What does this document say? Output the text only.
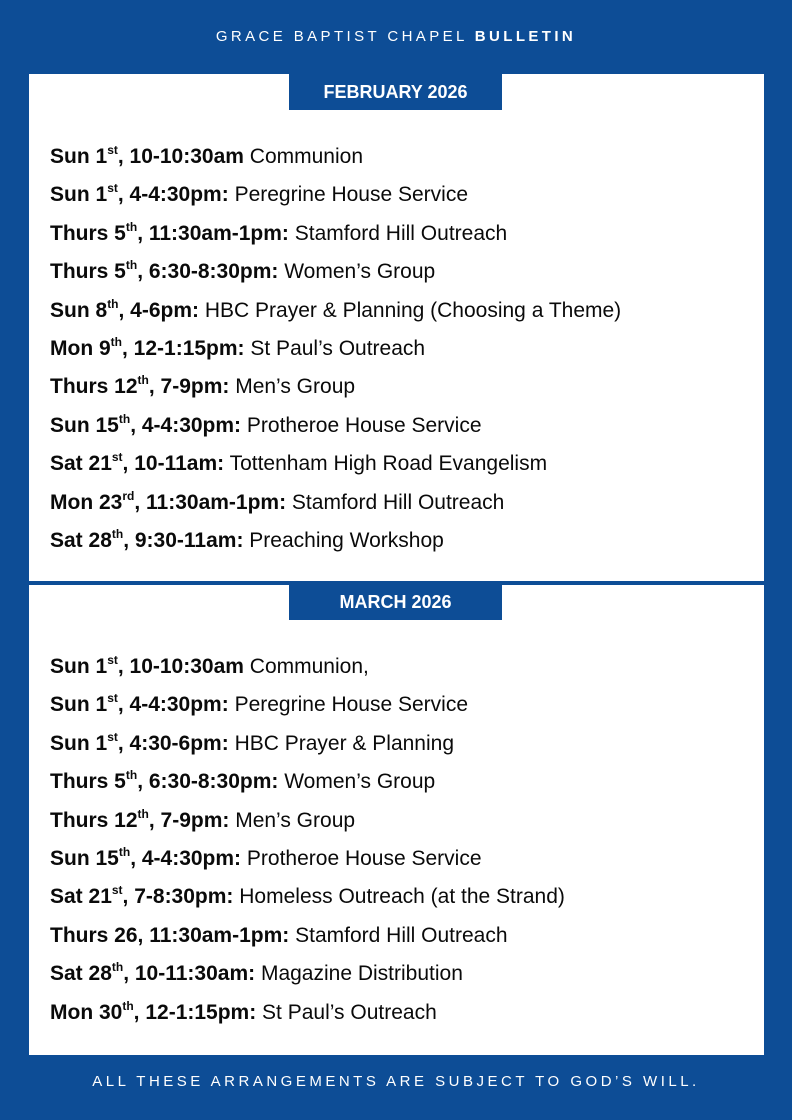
GRACE BAPTIST CHAPEL BULLETIN
FEBRUARY 2026
Sun 1st, 10-10:30am Communion
Sun 1st, 4-4:30pm: Peregrine House Service
Thurs 5th, 11:30am-1pm: Stamford Hill Outreach
Thurs 5th, 6:30-8:30pm: Women’s Group
Sun 8th, 4-6pm: HBC Prayer & Planning (Choosing a Theme)
Mon 9th, 12-1:15pm: St Paul’s Outreach
Thurs 12th, 7-9pm: Men’s Group
Sun 15th, 4-4:30pm: Protheroe House Service
Sat 21st, 10-11am: Tottenham High Road Evangelism
Mon 23rd, 11:30am-1pm: Stamford Hill Outreach
Sat 28th, 9:30-11am: Preaching Workshop
MARCH 2026
Sun 1st, 10-10:30am Communion,
Sun 1st, 4-4:30pm: Peregrine House Service
Sun 1st, 4:30-6pm: HBC Prayer & Planning
Thurs 5th, 6:30-8:30pm: Women’s Group
Thurs 12th, 7-9pm: Men’s Group
Sun 15th, 4-4:30pm: Protheroe House Service
Sat 21st, 7-8:30pm: Homeless Outreach (at the Strand)
Thurs 26, 11:30am-1pm: Stamford Hill Outreach
Sat 28th, 10-11:30am: Magazine Distribution
Mon 30th, 12-1:15pm: St Paul’s Outreach
ALL THESE ARRANGEMENTS ARE SUBJECT TO GOD’S WILL.
